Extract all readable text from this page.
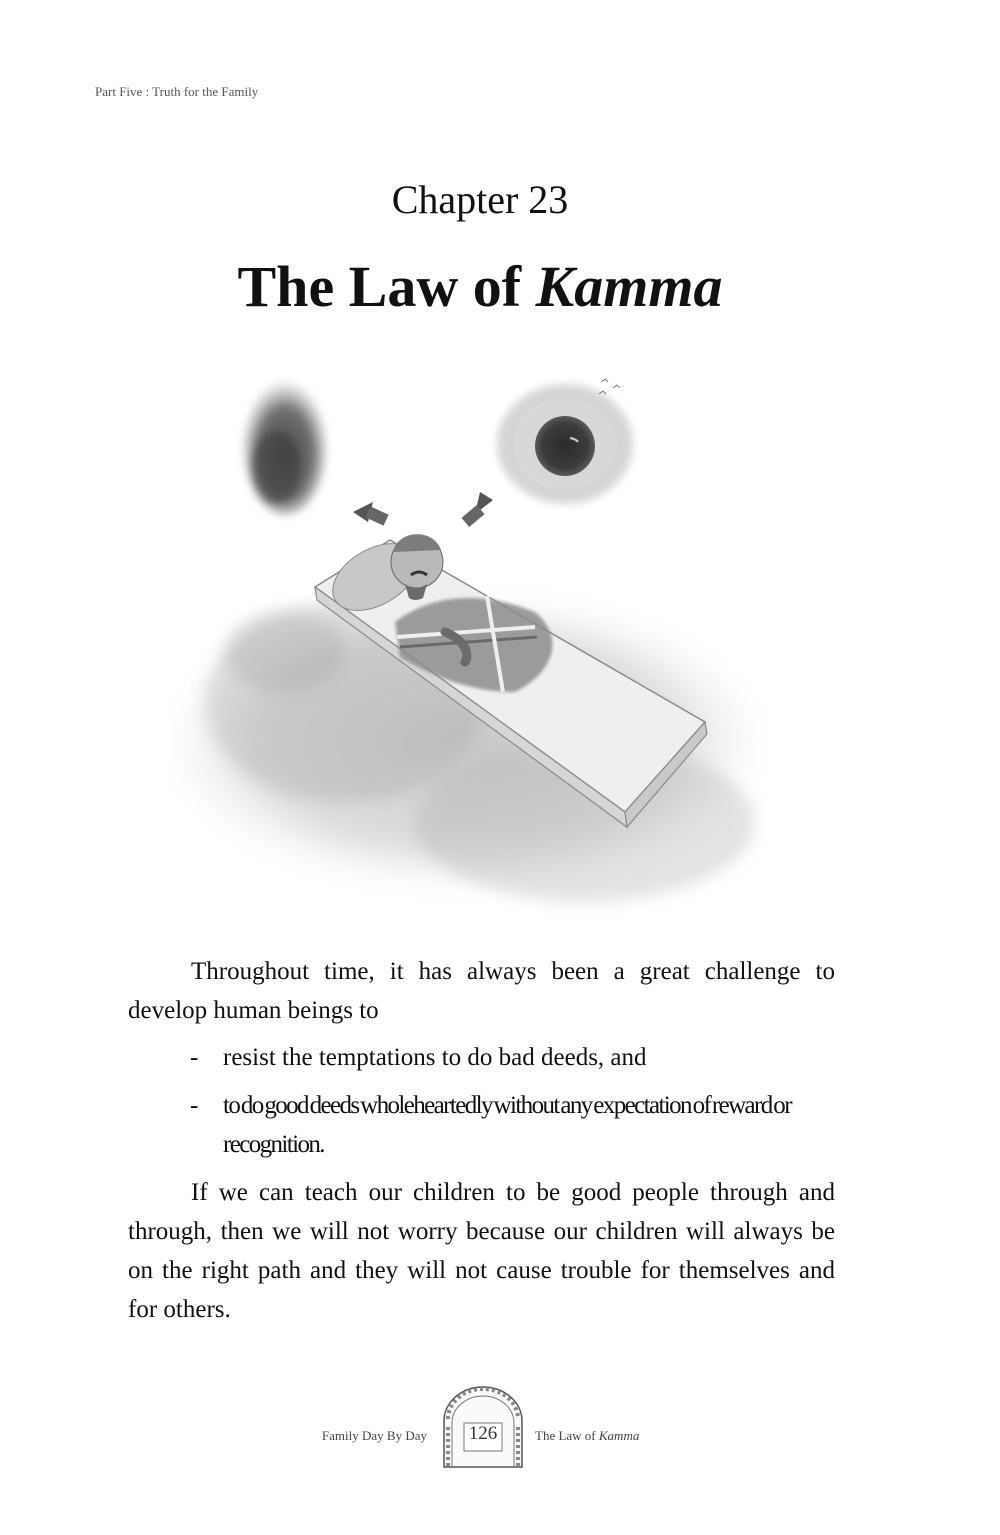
Part Five : Truth for the Family
Chapter 23
The Law of Kamma

Throughout time, it has always been a great challenge to develop human beings to

- resist the temptations to do bad deeds, and
- to do good deeds wholeheartedly without any expectation of reward or recognition.

If we can teach our children to be good people through and through, then we will not worry because our children will always be on the right path and they will not cause trouble for themselves and for others.

Family Day By Day	126	The Law of Kamma
